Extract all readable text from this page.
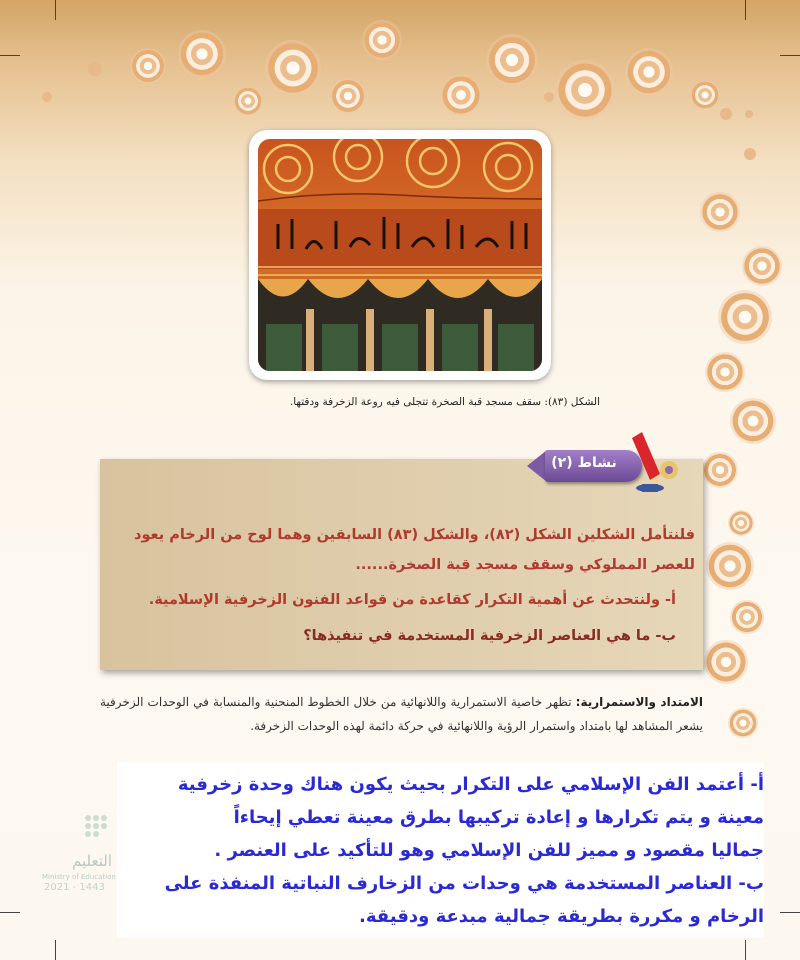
الشكل (٨٣): سقف مسجد قبة الصخرة تتجلى فيه روعة الزخرفة ودقتها.
نشاط (٢)
فلنتأمل الشكلين الشكل (٨٢)، والشكل (٨٣) السابقين وهما لوح من الرخام يعود
للعصر المملوكي وسقف مسجد قبة الصخرة......
أ- ولنتحدث عن أهمية التكرار كقاعدة من قواعد الفنون الزخرفية الإسلامية.
ب- ما هي العناصر الزخرفية المستخدمة في تنفيذها؟
الامتداد والاستمرارية: تظهر خاصية الاستمرارية واللانهائية من خلال الخطوط المنحنية والمنسابة في الوحدات الزخرفية يشعر المشاهد لها بامتداد واستمرار الرؤية واللانهائية في حركة دائمة لهذه الوحدات الزخرفة.
التعليم
Ministry of Education
2021 - 1443
أ- أعتمد الفن الإسلامي على التكرار بحيث يكون هناك وحدة زخرفية
معينة و يتم تكرارها و إعادة تركيبها بطرق معينة تعطي إيحاءاً
جماليا مقصود و مميز للفن الإسلامي وهو للتأكيد على العنصر .
ب- العناصر المستخدمة هي وحدات من الزخارف النباتية المنفذة على
الرخام و مكررة بطريقة جمالية مبدعة ودقيقة.
